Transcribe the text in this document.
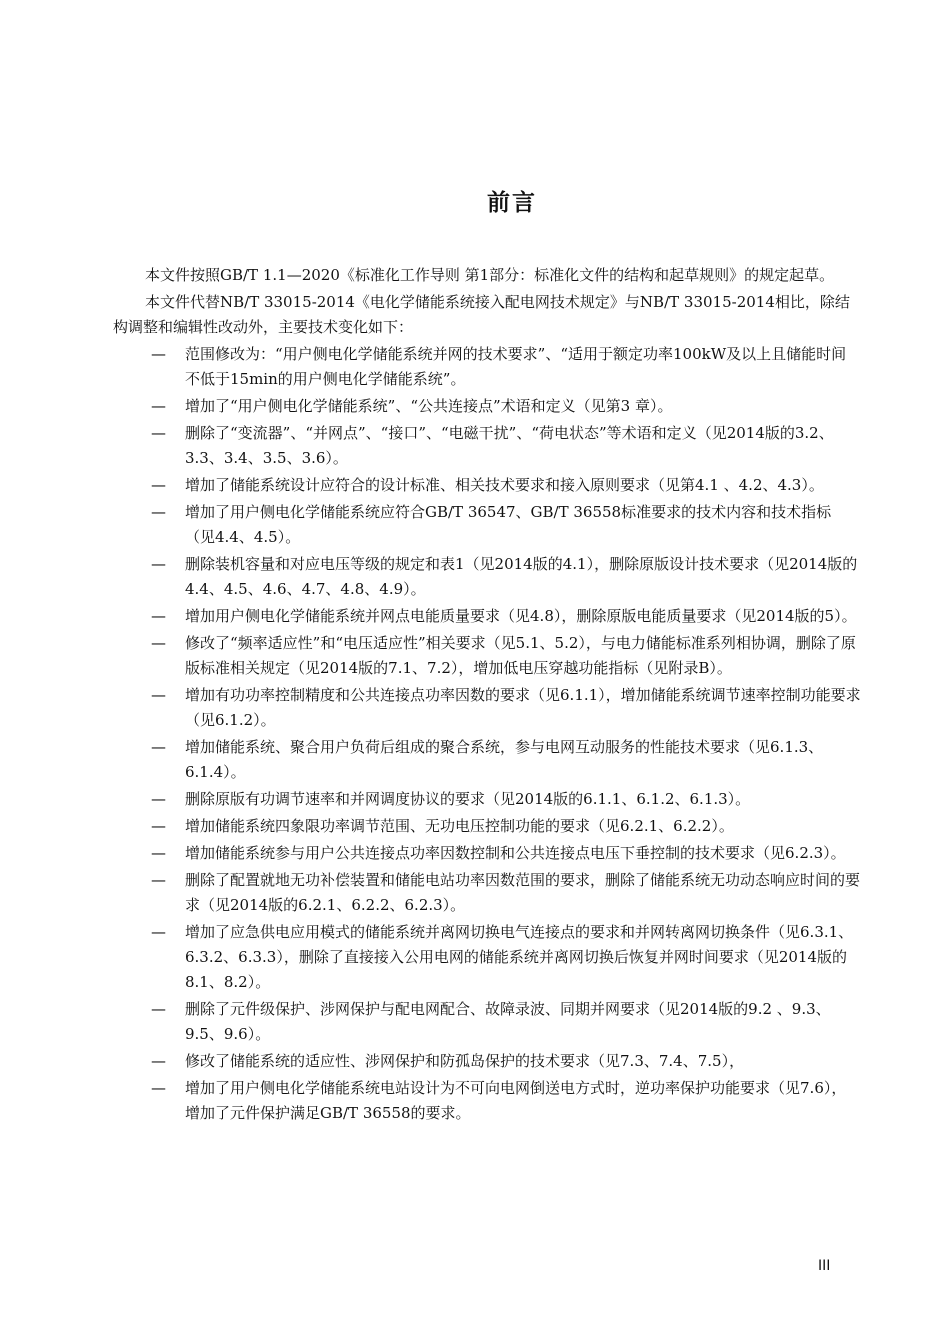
前言

本文件按照GB/T 1.1—2020《标准化工作导则 第1部分：标准化文件的结构和起草规则》的规定起草。

本文件代替NB/T 33015-2014《电化学储能系统接入配电网技术规定》与NB/T 33015-2014相比，除结构调整和编辑性改动外，主要技术变化如下：

—	范围修改为：“用户侧电化学储能系统并网的技术要求”、“适用于额定功率100kW及以上且储能时间不低于15min的用户侧电化学储能系统”。
—	增加了“用户侧电化学储能系统”、“公共连接点”术语和定义（见第3 章）。
—	删除了“变流器”、“并网点”、“接口”、“电磁干扰”、“荷电状态”等术语和定义（见2014版的3.2、3.3、3.4、3.5、3.6）。
—	增加了储能系统设计应符合的设计标准、相关技术要求和接入原则要求（见第4.1 、4.2、4.3）。
—	增加了用户侧电化学储能系统应符合GB/T 36547、GB/T 36558标准要求的技术内容和技术指标（见4.4、4.5）。
—	删除装机容量和对应电压等级的规定和表1（见2014版的4.1），删除原版设计技术要求（见2014版的4.4、4.5、4.6、4.7、4.8、4.9）。
—	增加用户侧电化学储能系统并网点电能质量要求（见4.8），删除原版电能质量要求（见2014版的5）。
—	修改了“频率适应性”和“电压适应性”相关要求（见5.1、5.2），与电力储能标准系列相协调，删除了原版标准相关规定（见2014版的7.1、7.2），增加低电压穿越功能指标（见附录B）。
—	增加有功功率控制精度和公共连接点功率因数的要求（见6.1.1），增加储能系统调节速率控制功能要求（见6.1.2）。
—	增加储能系统、聚合用户负荷后组成的聚合系统，参与电网互动服务的性能技术要求（见6.1.3、6.1.4）。
—	删除原版有功调节速率和并网调度协议的要求（见2014版的6.1.1、6.1.2、6.1.3）。
—	增加储能系统四象限功率调节范围、无功电压控制功能的要求（见6.2.1、6.2.2）。
—	增加储能系统参与用户公共连接点功率因数控制和公共连接点电压下垂控制的技术要求（见6.2.3）。
—	删除了配置就地无功补偿装置和储能电站功率因数范围的要求，删除了储能系统无功动态响应时间的要求（见2014版的6.2.1、6.2.2、6.2.3）。
—	增加了应急供电应用模式的储能系统并离网切换电气连接点的要求和并网转离网切换条件（见6.3.1、6.3.2、6.3.3），删除了直接接入公用电网的储能系统并离网切换后恢复并网时间要求（见2014版的8.1、8.2）。
—	删除了元件级保护、涉网保护与配电网配合、故障录波、同期并网要求（见2014版的9.2 、9.3、9.5、9.6）。
—	修改了储能系统的适应性、涉网保护和防孤岛保护的技术要求（见7.3、7.4、7.5），
—	增加了用户侧电化学储能系统电站设计为不可向电网倒送电方式时，逆功率保护功能要求（见7.6），增加了元件保护满足GB/T 36558的要求。
III
